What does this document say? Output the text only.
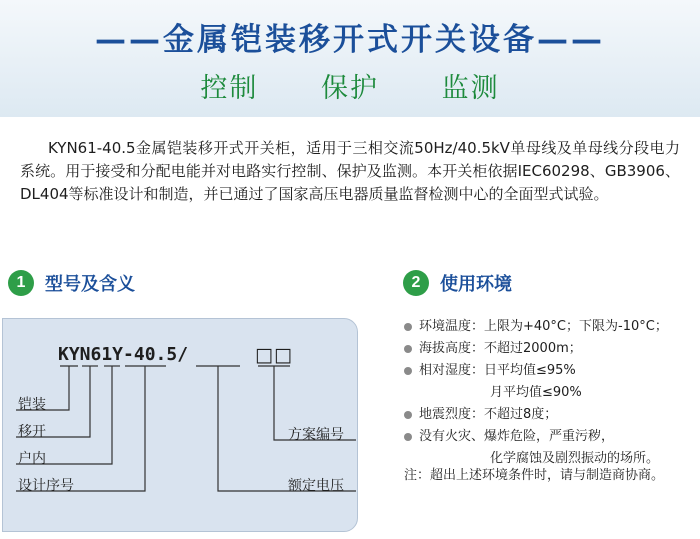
——金属铠装移开式开关设备——
控制 保护 监测

KYN61-40.5金属铠装移开式开关柜，适用于三相交流50Hz/40.5kV单母线及单母线分段电力系统。用于接受和分配电能并对电路实行控制、保护及监测。本开关柜依据IEC60298、GB3906、DL404等标准设计和制造，并已通过了国家高压电器质量监督检测中心的全面型式试验。

1	型号及含义	2	使用环境
KYN61Y-40.5/	□□
铠装
移开
户内
设计序号
方案编号
额定电压
环境温度：上限为+40°C；下限为-10°C；
海拔高度：不超过2000m；
相对湿度：日平均值≤95%
月平均值≤90%
地震烈度：不超过8度；
没有火灾、爆炸危险，严重污秽，
化学腐蚀及剧烈振动的场所。
注：超出上述环境条件时，请与制造商协商。
